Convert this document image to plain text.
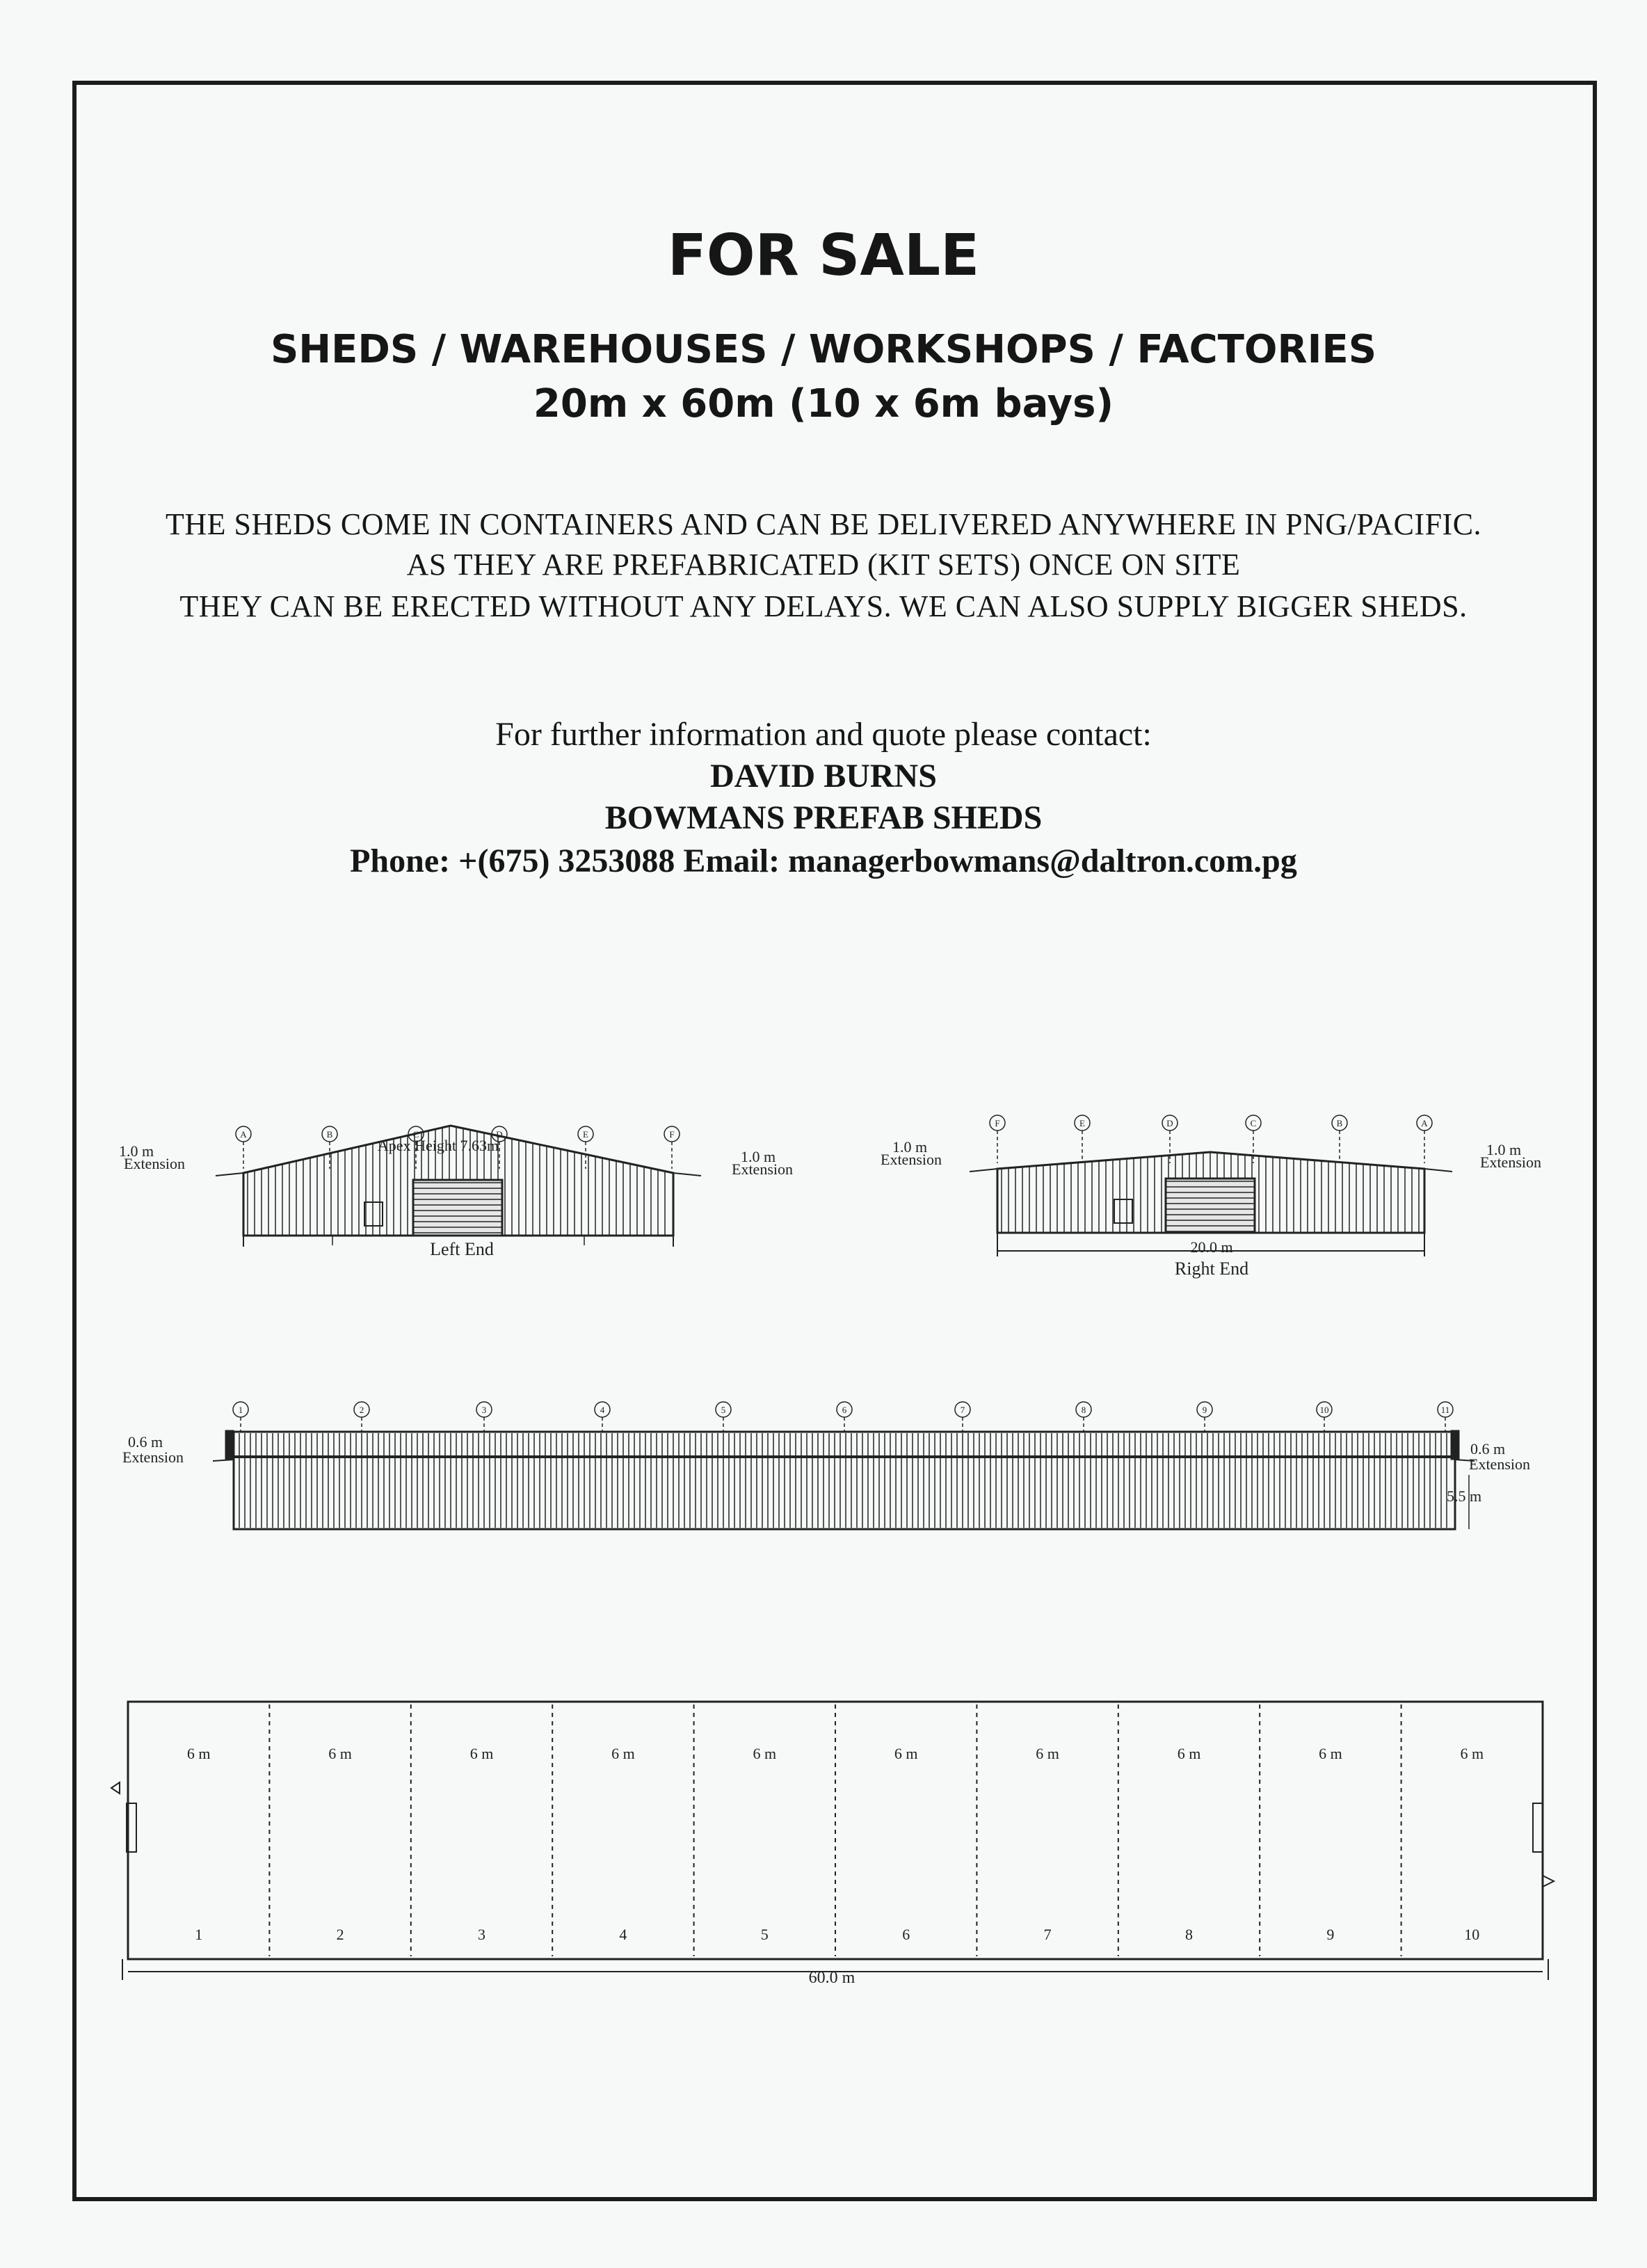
FOR SALE
SHEDS / WAREHOUSES / WORKSHOPS / FACTORIES
20m x 60m (10 x 6m bays)
THE SHEDS COME IN CONTAINERS AND CAN BE DELIVERED ANYWHERE IN PNG/PACIFIC.
AS THEY ARE PREFABRICATED (KIT SETS) ONCE ON SITE
THEY CAN BE ERECTED WITHOUT ANY DELAYS. WE CAN ALSO SUPPLY BIGGER SHEDS.
For further information and quote please contact:
DAVID BURNS
BOWMANS PREFAB SHEDS
Phone: +(675) 3253088 Email: managerbowmans@daltron.com.pg
A	B	C	D	E	F
1.0 m
Extension	1.0 m
Extension
Apex Height 7.63m
Left End
F	E	D	C	B	A
1.0 m
Extension
1.0 m
Extension
20.0 m
Right End
1	2	3	4	5	6	7	8	9	10	11
0.6 m
Extension	0.6 m
Extension
5.5 m
6 m	6 m	6 m	6 m	6 m	6 m	6 m	6 m	6 m	6 m
1	2	3	4	5	6	7	8	9	10
60.0 m
